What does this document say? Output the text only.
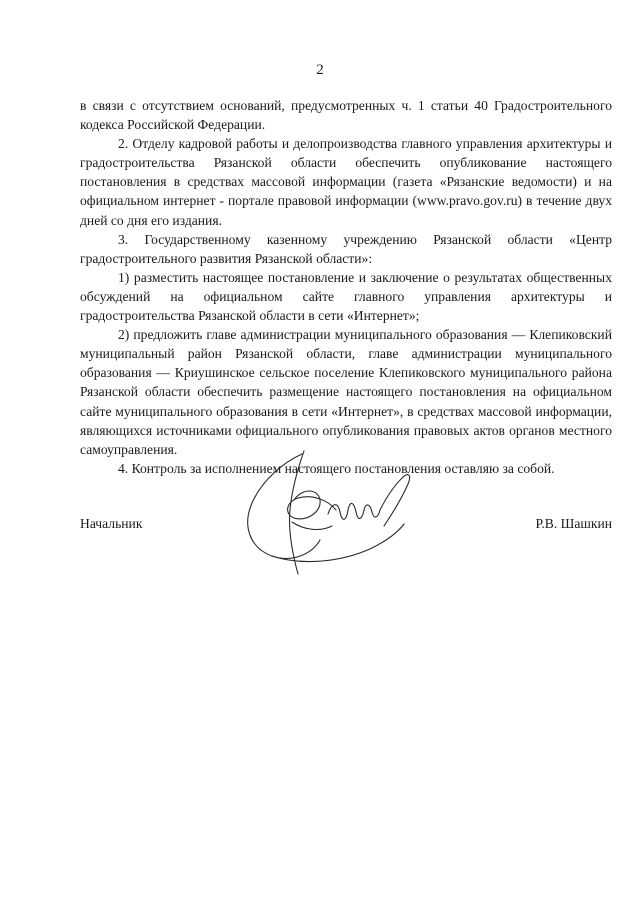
2

в связи с отсутствием оснований, предусмотренных ч. 1 статьи 40 Градостроительного кодекса Российской Федерации.

2. Отделу кадровой работы и делопроизводства главного управления архитектуры и градостроительства Рязанской области обеспечить опубликование настоящего постановления в средствах массовой информации (газета «Рязанские ведомости) и на официальном интернет - портале правовой информации (www.pravo.gov.ru) в течение двух дней со дня его издания.

3. Государственному казенному учреждению Рязанской области «Центр градостроительного развития Рязанской области»:

1) разместить настоящее постановление и заключение о результатах общественных обсуждений на официальном сайте главного управления архитектуры и градостроительства Рязанской области в сети «Интернет»;

2) предложить главе администрации муниципального образования — Клепиковский муниципальный район Рязанской области, главе администрации муниципального образования — Криушинское сельское поселение Клепиковского муниципального района Рязанской области обеспечить размещение настоящего постановления на официальном сайте муниципального образования в сети «Интернет», в средствах массовой информации, являющихся источниками официального опубликования правовых актов органов местного самоуправления.

4. Контроль за исполнением настоящего постановления оставляю за собой.

Начальник	Р.В. Шашкин
